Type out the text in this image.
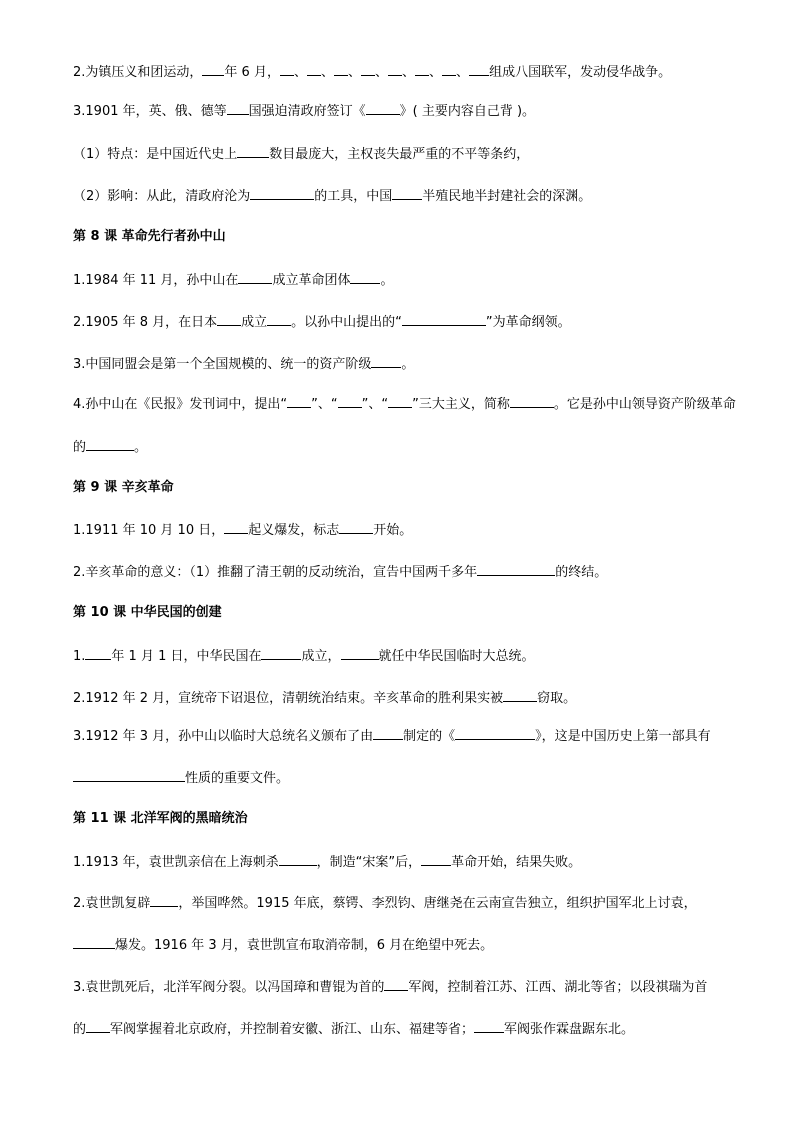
2.为镇压义和团运动， 年 6 月， 、 、 、 、 、 、 、 组成八国联军，发动侵华战争。
3.1901 年，英、俄、德等 国强迫清政府签订《	》( 主要内容自己背 )。
（1）特点：是中国近代史上 数目最庞大，主权丧失最严重的不平等条约，
（2）影响：从此，清政府沦为	的工具，中国 半殖民地半封建社会的深渊。
第 8 课 革命先行者孙中山
1.1984 年 11 月，孙中山在	成立革命团体 。
2.1905 年 8 月，在日本 成立 。以孙中山提出的“	”为革命纲领。
3.中国同盟会是第一个全国规模的、统一的资产阶级 。
4.孙中山在《民报》发刊词中，提出“ ”、“ ”、“ ”三大主义，简称	。它是孙中山领导资产阶级革命
的	。
第 9 课 辛亥革命
1.1911 年 10 月 10 日， 起义爆发，标志	开始。
2.辛亥革命的意义：（1）推翻了清王朝的反动统治，宣告中国两千多年	的终结。
第 10 课 中华民国的创建
1. 年 1 月 1 日，中华民国在	成立，	就任中华民国临时大总统。
2.1912 年 2 月，宣统帝下诏退位，清朝统治结束。辛亥革命的胜利果实被	窃取。
3.1912 年 3 月，孙中山以临时大总统名义颁布了由 制定的《	》，这是中国历史上第一部具有
性质的重要文件。
第 11 课 北洋军阀的黑暗统治
1.1913 年，袁世凯亲信在上海刺杀	，制造“宋案”后， 革命开始，结果失败。
2.袁世凯复辟 ，举国哗然。1915 年底，蔡锷、李烈钧、唐继尧在云南宣告独立，组织护国军北上讨袁，
爆发。1916 年 3 月，袁世凯宣布取消帝制，6 月在绝望中死去。
3.袁世凯死后，北洋军阀分裂。以冯国璋和曹锟为首的 军阀，控制着江苏、江西、湖北等省；以段祺瑞为首
的 军阀掌握着北京政府，并控制着安徽、浙江、山东、福建等省； 军阀张作霖盘踞东北。
